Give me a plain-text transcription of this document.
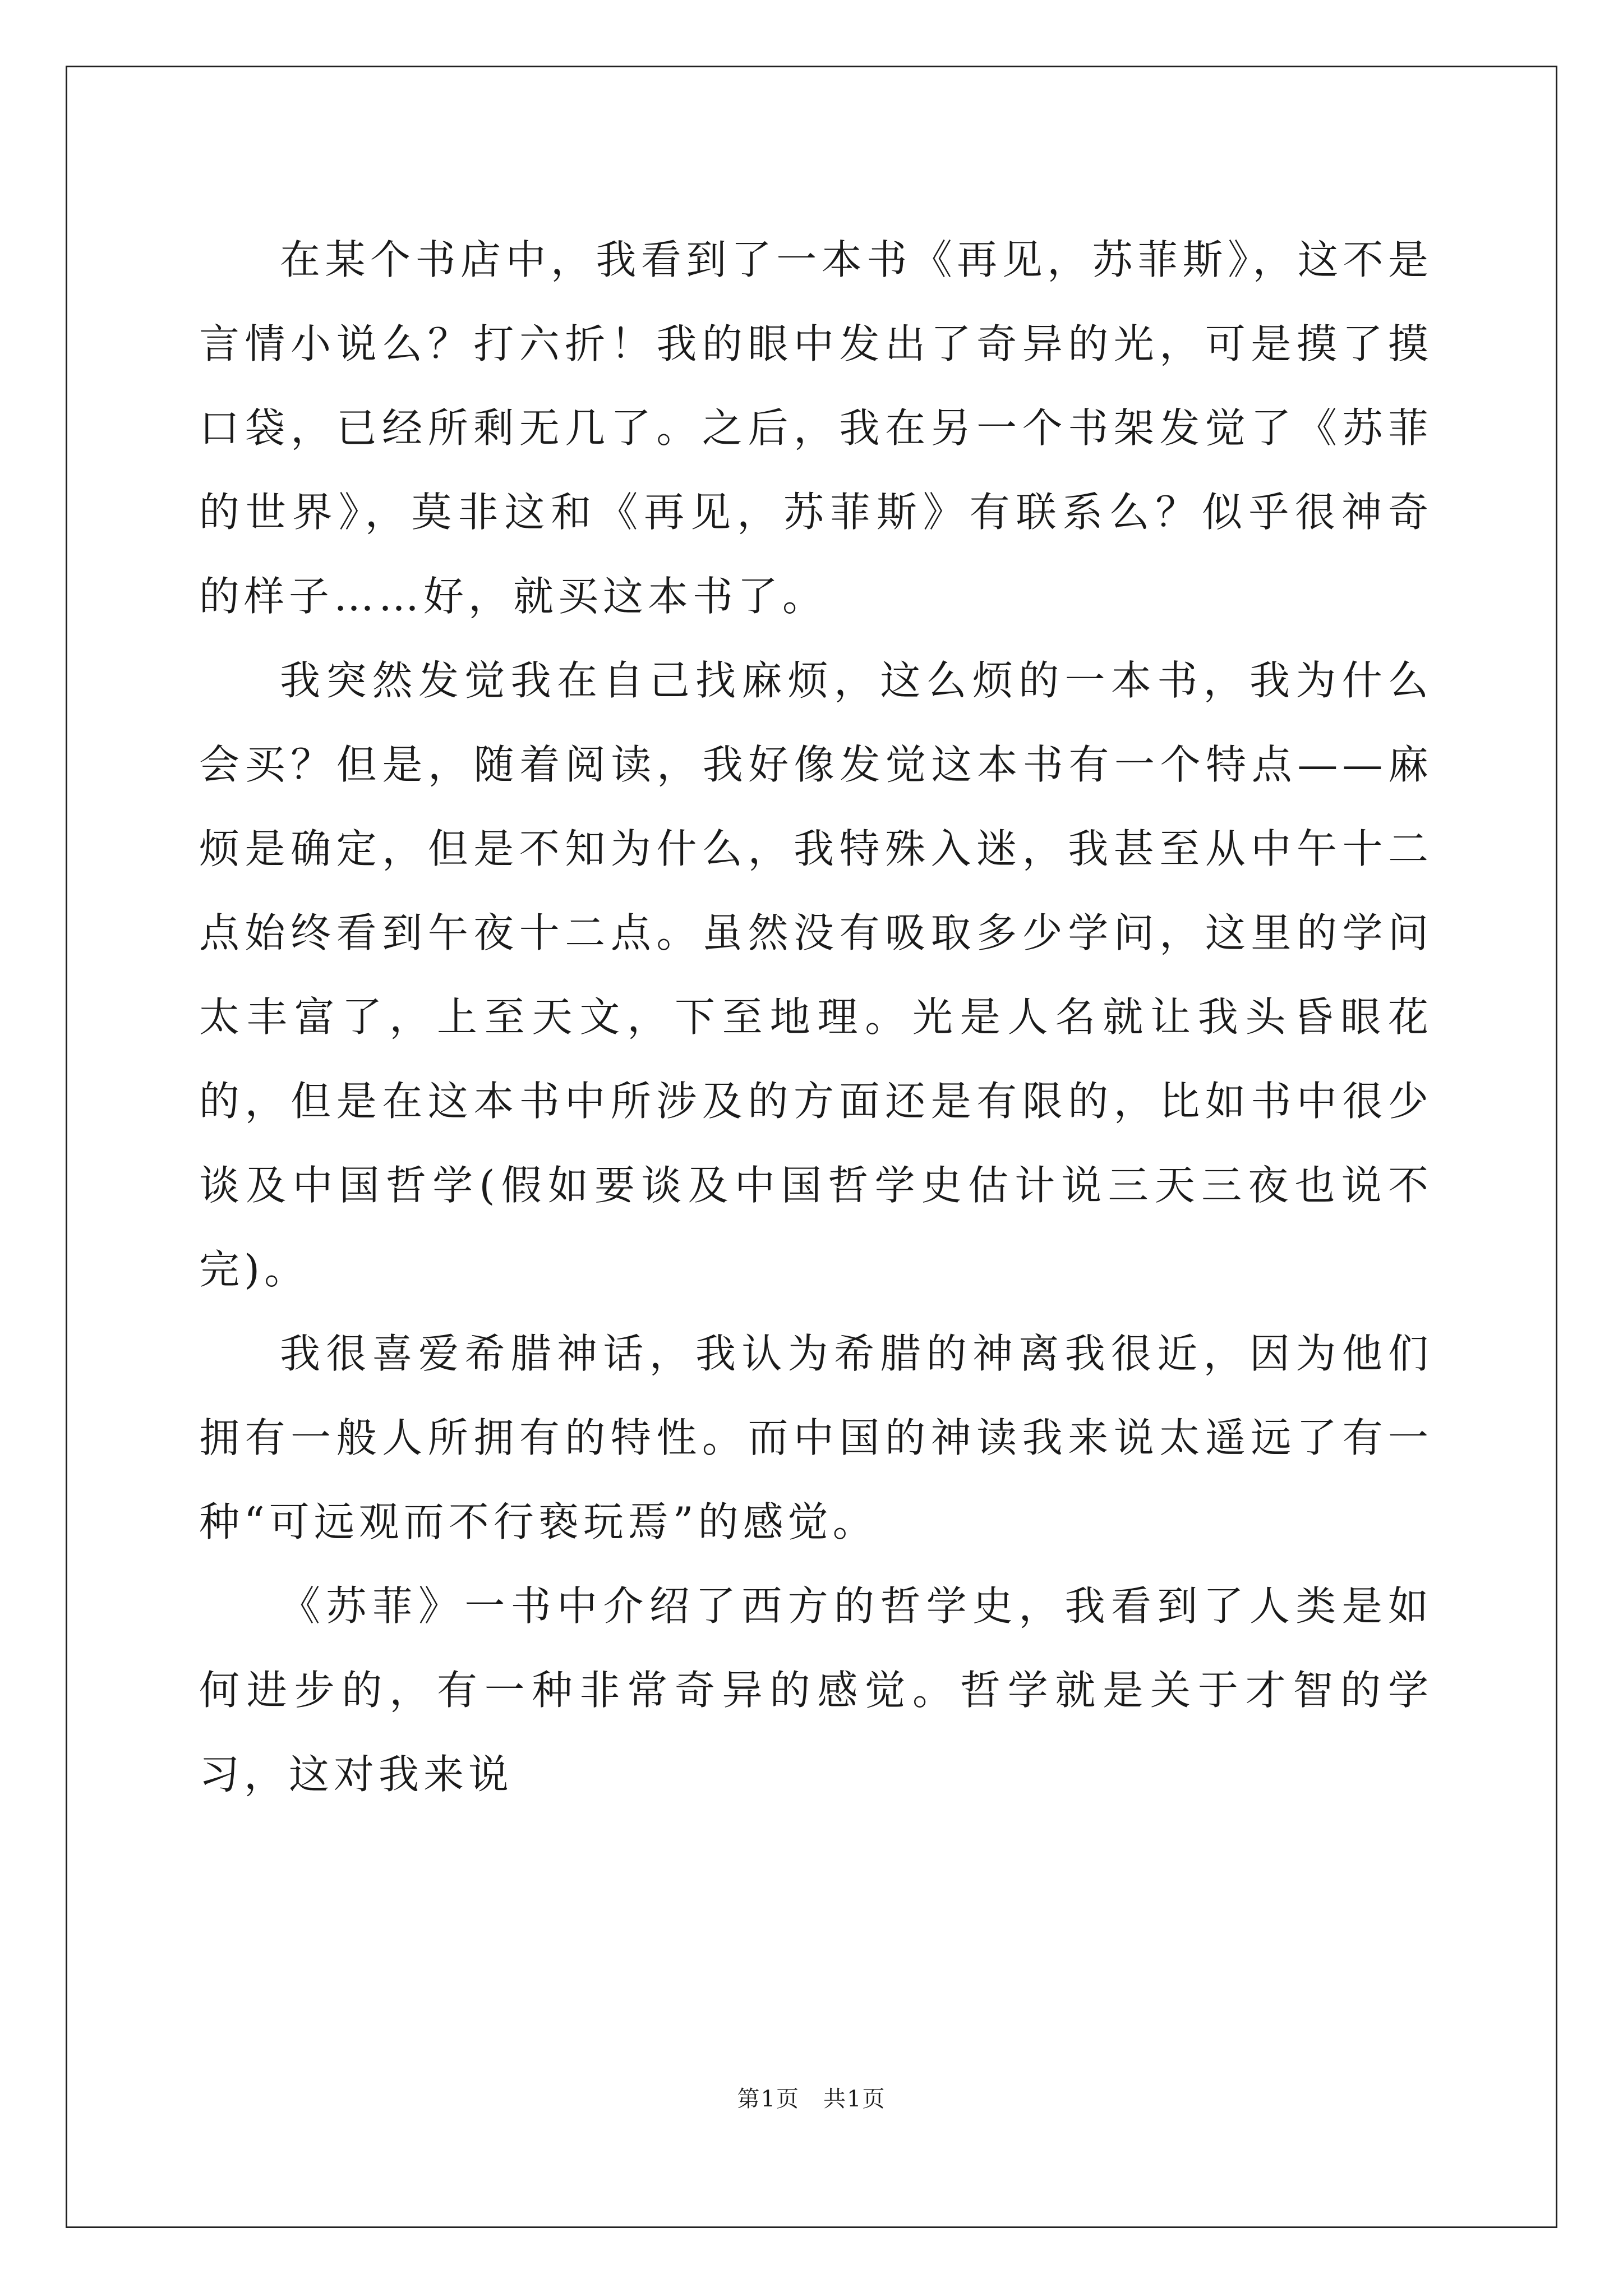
在某个书店中，我看到了一本书《再见，苏菲斯》，这不是言情小说么？打六折！我的眼中发出了奇异的光，可是摸了摸口袋，已经所剩无几了。之后，我在另一个书架发觉了《苏菲的世界》，莫非这和《再见，苏菲斯》有联系么？似乎很神奇的样子……好，就买这本书了。

我突然发觉我在自己找麻烦，这么烦的一本书，我为什么会买？但是，随着阅读，我好像发觉这本书有一个特点——麻烦是确定，但是不知为什么，我特殊入迷，我甚至从中午十二点始终看到午夜十二点。虽然没有吸取多少学问，这里的学问太丰富了，上至天文，下至地理。光是人名就让我头昏眼花的，但是在这本书中所涉及的方面还是有限的，比如书中很少谈及中国哲学(假如要谈及中国哲学史估计说三天三夜也说不完)。

我很喜爱希腊神话，我认为希腊的神离我很近，因为他们拥有一般人所拥有的特性。而中国的神读我来说太遥远了有一种“可远观而不行亵玩焉”的感觉。

《苏菲》一书中介绍了西方的哲学史，我看到了人类是如何进步的，有一种非常奇异的感觉。哲学就是关于才智的学习，这对我来说

第1页　共1页
